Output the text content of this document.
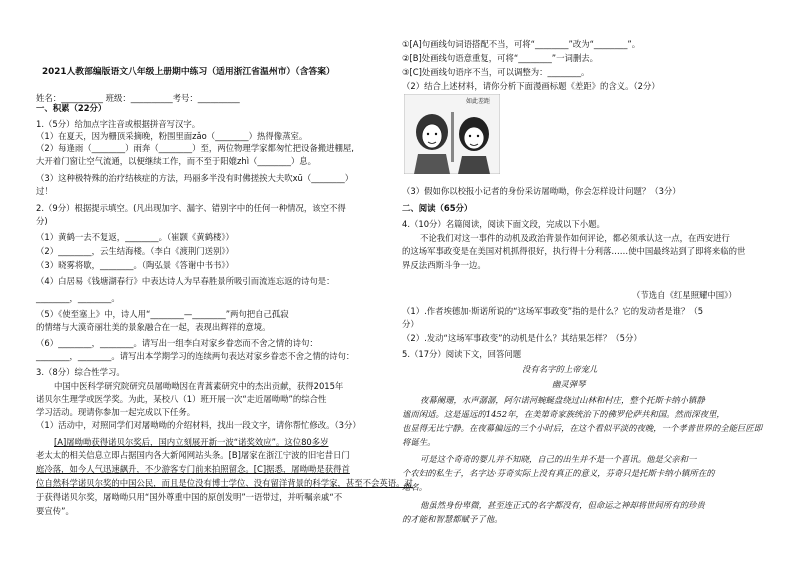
2021人教部编版语文八年级上册期中练习（适用浙江省温州市）（含答案）
姓名：__________ 班级：__________考号：__________
一、积累（22分）
1.（5分）给加点字注音或根据拼音写汉字。
（1）在夏天，因为栅顶采摘晚，粉围里面zǎo（________）热得像蒸室。
（2）每逢雨（________）雨奔（________）至，两位物理学家都匆忙把设备搬进棚屋,
大开着门窗让空气流通，以便继续工作，而不至于阳媲zhì（________）息。
（3）这种极特殊的治疗结核症的方法，玛丽多半没有时佛搓挨大夫吹xū（________）
过！
2.（9分）根据提示填空。(凡出现加字、漏字、错别字中的任何一种情况，该空不得
分)
（1）黄鹤一去不复返，________。（崔颢《黄鹤楼》）
（2）________，云生结海楼。（李白《渡荆门送别》）
（3）晓雾将歇，________。（陶弘景《答谢中书书》）
（4）白居易《钱塘湖春行》中表达诗人为早春胜景所吸引而流连忘返的诗句是：
________，________。
（5）《使至塞上》中，诗人用“________—________”两句把自己孤寂
的情绪与大漠奇丽壮美的景象融合在一起，表现出辉祥的意境。
（6）________，________。请写出一组李白对家乡眷恋而不舍之情的诗句：
________，________。请写出本学期学习的连续两句表达对家乡眷恋不舍之情的诗句：
3.（8分）综合性学习。
中国中医科学研究院研究员屠呦呦因在青蒿素研究中的杰出贡献，获得2015年
诺贝尔生理学或医学奖。为此，某校八（1）班开展一次“走近屠呦呦”的综合性
学习活动。现请你参加一起完成以下任务。
（1）活动中，对照同学们对屠呦呦的介绍材料，找出一段文字，请你帮忙修改。（3分）
[A]屠呦呦获得诺贝尔奖后，国内立刻展开新一波“诺奖效应”。这位80多岁
老太太的相关信息立即占据国内各大新闻网站头条。[B]屠家在浙江宁波的旧宅昔日门
庭冷落，如今人气迅速飙升，不少游客专门前来拍照留念。[C]据悉，屠呦呦是获得首
位自然科学诺贝尔奖的中国公民，而且是位没有博士学位、没有留洋背景的科学家，甚至不会英语。对
于获得诺贝尔奖，屠呦呦只用“国外尊重中国的原创发明”一语带过，并听嘱亲戚“不
要宣传”。
①[A]句画线句词语搭配不当，可将“________”改为“________”。
②[B]处画线句语意重复，可将“________”一词删去。
③[C]处画线句语序不当，可以调整为：________。
（2）结合上述材料，请你分析下面漫画标题《差距》的含义。（2分）
如此差距
（3）假如你以校报小记者的身份采访屠呦呦，你会怎样设计问题？（3分）
二、阅读（65分）
4.（10分）名篇阅读，阅读下面文段，完成以下小题。
不论我们对这一事件的动机及政治背景作如何评论，都必须承认这一点，在西安进行
的这场军事政变是在美国对机抓得很好，执行得十分利落……使中国最终站到了即将来临的世
界反法西斯斗争一边。
（节选自《红星照耀中国》）
（1）.作者埃德加·斯诺所说的“这场军事政变”指的是什么？它的发动者是谁？（5
分）
（2）.发动“这场军事政变”的动机是什么？其结果怎样？（5分）
5.（17分）阅读下文，回答问题
没有名字的上帝宠儿
幽灵弹琴
夜幕阑珊，水声潺潺，阿尔诺河蜿蜒盘绕过山林和村庄，整个托斯卡纳小镇静
谧而闲适。这是遥远的1452年，在美第奇家族统治下的佛罗伦萨共和国。然而深夜里，
也显得无比宁静。在夜幕偏远的三个小时后，在这个看似平淡的夜晚，一个孝普世界的全能巨匠即
将诞生。
可是这个奇奇的婴儿并不知晓，自己的出生并不是一个喜讯。他是父亲和一
个农妇的私生子，名字达·芬奇实际上没有真正的意义，芬奇只是托斯卡纳小镇所在的
地名。
他虽然身份卑微，甚至连正式的名字都没有，但命运之神却将世间所有的珍贵
的才能和智慧都赋予了他。
